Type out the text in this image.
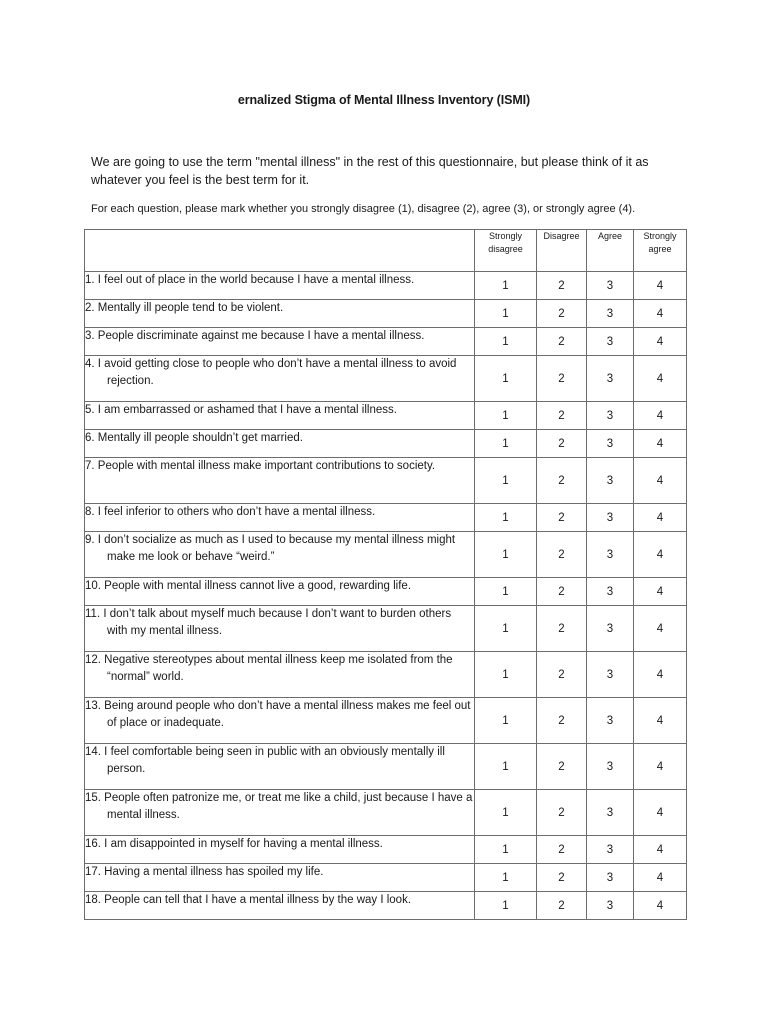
ernalized Stigma of Mental Illness Inventory (ISMI)
We are going to use the term "mental illness" in the rest of this questionnaire, but please think of it as whatever you feel is the best term for it.
For each question, please mark whether you strongly disagree (1), disagree (2), agree (3), or strongly agree (4).
	Strongly disagree	Disagree	Agree	Strongly agree

1. I feel out of place in the world because I have a mental illness.	1	2	3	4

2. Mentally ill people tend to be violent.	1	2	3	4

3. People discriminate against me because I have a mental illness.	1	2	3	4

4. I avoid getting close to people who don’t have a mental illness to avoid rejection.	1	2	3	4

5. I am embarrassed or ashamed that I have a mental illness.	1	2	3	4

6. Mentally ill people shouldn’t get married.	1	2	3	4

7. People with mental illness make important contributions to society.	1	2	3	4

8. I feel inferior to others who don’t have a mental illness.	1	2	3	4

9. I don’t socialize as much as I used to because my mental illness might make me look or behave “weird.”	1	2	3	4

10. People with mental illness cannot live a good, rewarding life.	1	2	3	4

11. I don’t talk about myself much because I don’t want to burden others with my mental illness.	1	2	3	4

12. Negative stereotypes about mental illness keep me isolated from the “normal” world.	1	2	3	4

13. Being around people who don’t have a mental illness makes me feel out of place or inadequate.	1	2	3	4

14. I feel comfortable being seen in public with an obviously mentally ill person.	1	2	3	4

15. People often patronize me, or treat me like a child, just because I have a mental illness.	1	2	3	4

16. I am disappointed in myself for having a mental illness.	1	2	3	4

17. Having a mental illness has spoiled my life.	1	2	3	4

18. People can tell that I have a mental illness by the way I look.	1	2	3	4
